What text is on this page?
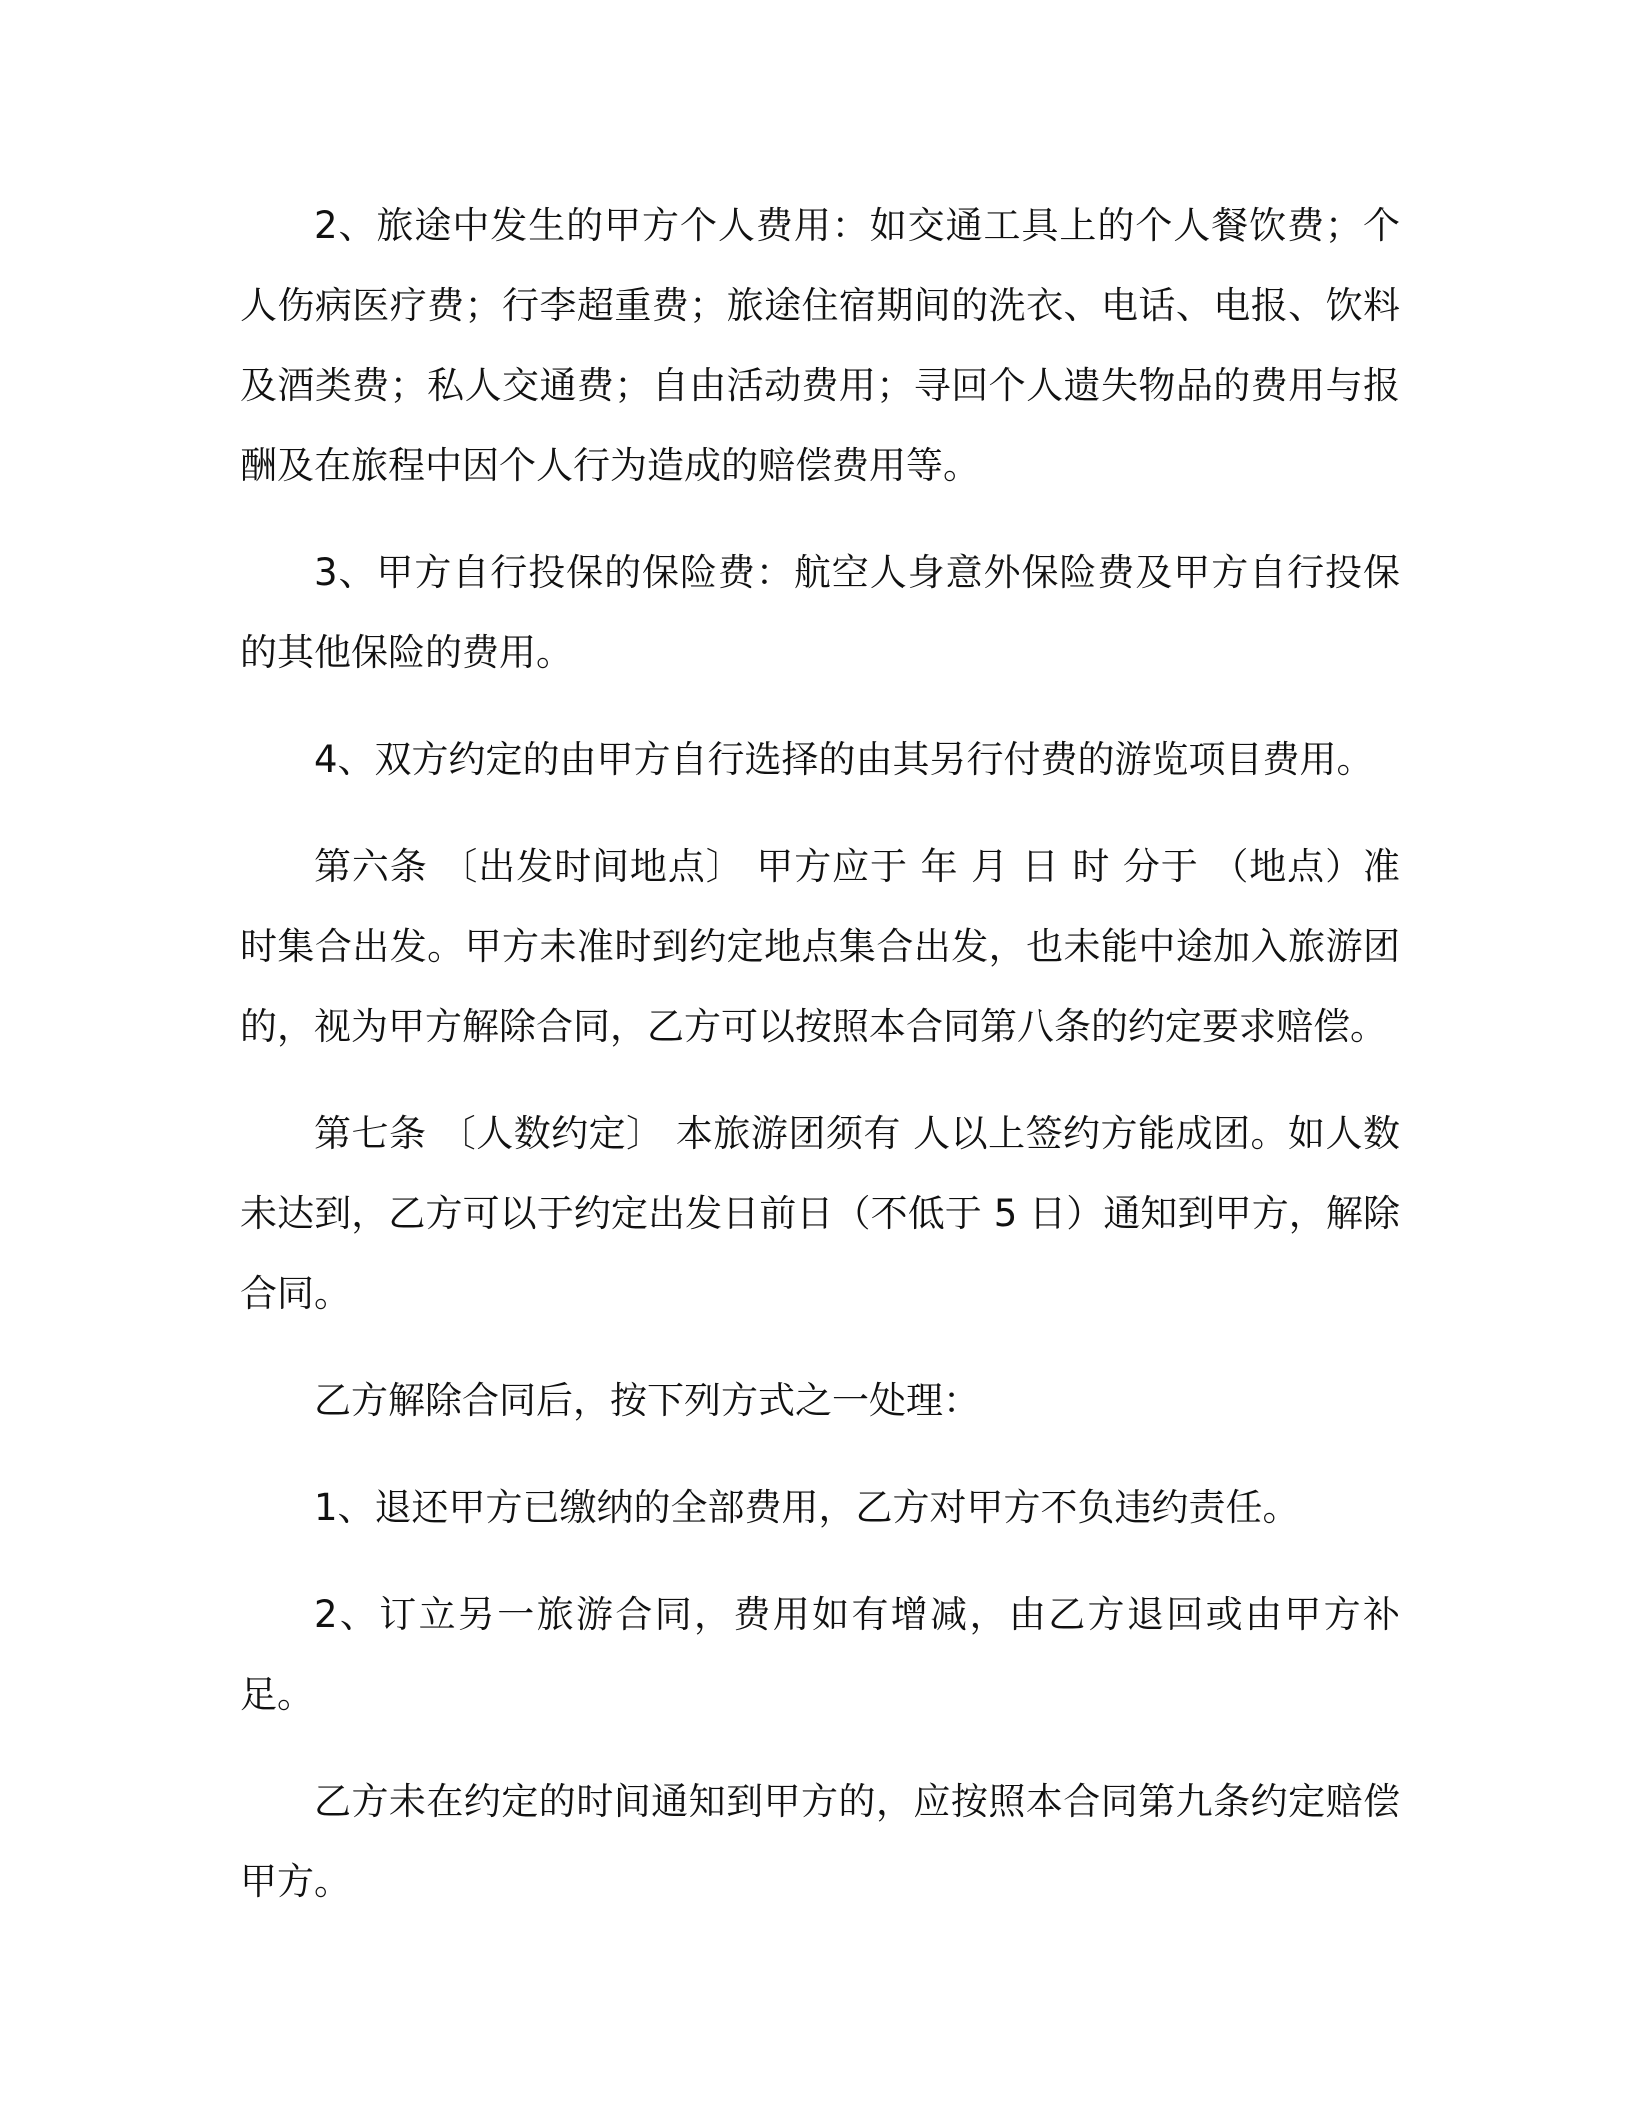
2、旅途中发生的甲方个人费用：如交通工具上的个人餐饮费；个人伤病医疗费；行李超重费；旅途住宿期间的洗衣、电话、电报、饮料及酒类费；私人交通费；自由活动费用；寻回个人遗失物品的费用与报酬及在旅程中因个人行为造成的赔偿费用等。

3、甲方自行投保的保险费：航空人身意外保险费及甲方自行投保的其他保险的费用。

4、双方约定的由甲方自行选择的由其另行付费的游览项目费用。

第六条 〔出发时间地点〕 甲方应于 年 月 日 时 分于 （地点）准时集合出发。甲方未准时到约定地点集合出发，也未能中途加入旅游团的，视为甲方解除合同，乙方可以按照本合同第八条的约定要求赔偿。

第七条 〔人数约定〕 本旅游团须有 人以上签约方能成团。如人数未达到，乙方可以于约定出发日前日（不低于 5 日）通知到甲方，解除合同。

乙方解除合同后，按下列方式之一处理：

1、退还甲方已缴纳的全部费用，乙方对甲方不负违约责任。

2、订立另一旅游合同，费用如有增减，由乙方退回或由甲方补足。

乙方未在约定的时间通知到甲方的，应按照本合同第九条约定赔偿甲方。
